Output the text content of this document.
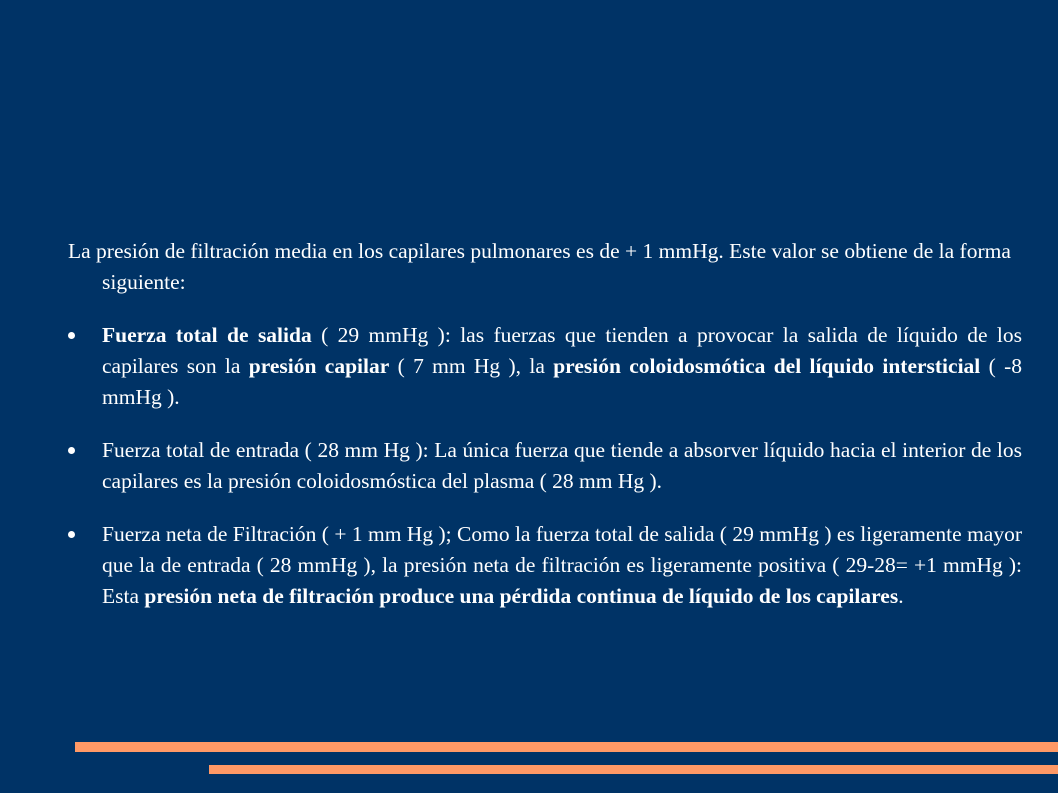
La presión de filtración media en los capilares pulmonares es de + 1 mmHg. Este valor se obtiene de la forma siguiente:

Fuerza total de salida ( 29 mmHg ): las fuerzas que tienden a provocar la salida de líquido de los capilares son la presión capilar ( 7 mm Hg ), la presión coloidosmótica del líquido intersticial ( -8 mmHg ).
Fuerza total de entrada ( 28 mm Hg ): La única fuerza que tiende a absorver líquido hacia el interior de los capilares es la presión coloidosmóstica del plasma ( 28 mm Hg ).
Fuerza neta de Filtración ( + 1 mm Hg ); Como la fuerza total de salida ( 29 mmHg ) es ligeramente mayor que la de entrada ( 28 mmHg ), la presión neta de filtración es ligeramente positiva ( 29-28= +1 mmHg ): Esta presión neta de filtración produce una pérdida continua de líquido de los capilares.
